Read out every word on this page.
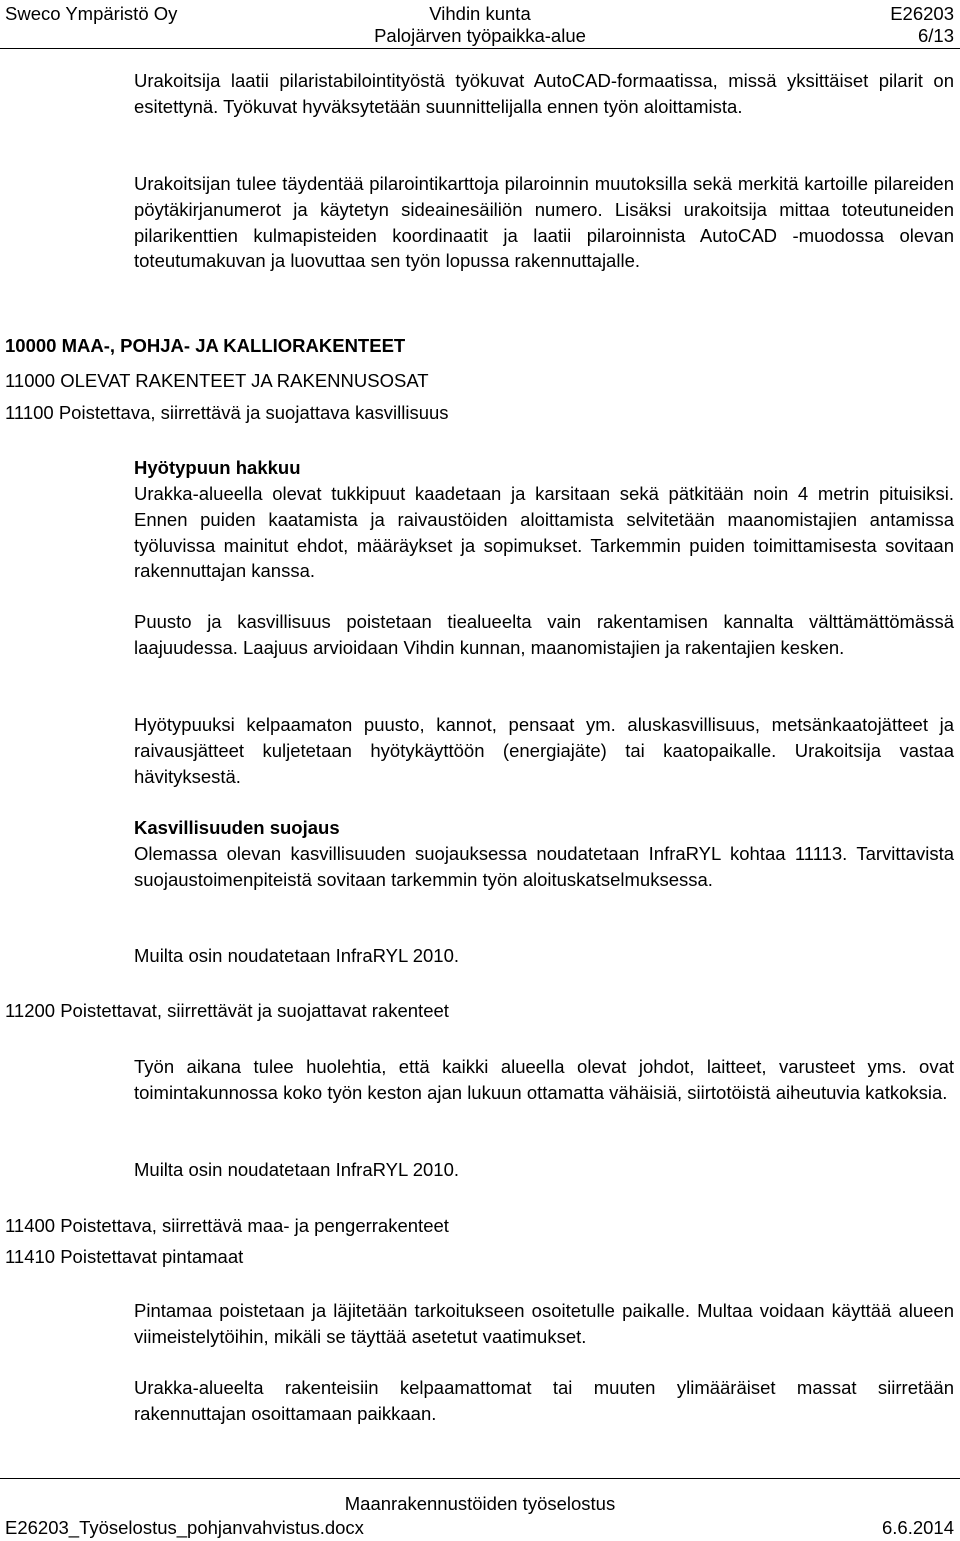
Sweco Ympäristö Oy	Vihdin kunta	E26203
Palojärven työpaikka-alue	6/13
Urakoitsija laatii pilaristabilointityöstä työkuvat AutoCAD-formaatissa, missä yksittäiset pilarit on esitettynä. Työkuvat hyväksytetään suunnittelijalla ennen työn aloittamista.
Urakoitsijan tulee täydentää pilarointikarttoja pilaroinnin muutoksilla sekä merkitä kartoille pilareiden pöytäkirjanumerot ja käytetyn sideainesäiliön numero. Lisäksi urakoitsija mittaa toteutuneiden pilarikenttien kulmapisteiden koordinaatit ja laatii pilaroinnista AutoCAD -muodossa olevan toteutumakuvan ja luovuttaa sen työn lopussa rakennuttajalle.
10000 MAA-, POHJA- JA KALLIORAKENTEET
11000 OLEVAT RAKENTEET JA RAKENNUSOSAT
11100 Poistettava, siirrettävä ja suojattava kasvillisuus
Hyötypuun hakkuu
Urakka-alueella olevat tukkipuut kaadetaan ja karsitaan sekä pätkitään noin 4 metrin pituisiksi. Ennen puiden kaatamista ja raivaustöiden aloittamista selvitetään maanomistajien antamissa työluvissa mainitut ehdot, määräykset ja sopimukset. Tarkemmin puiden toimittamisesta sovitaan rakennuttajan kanssa.
Puusto ja kasvillisuus poistetaan tiealueelta vain rakentamisen kannalta välttämättömässä laajuudessa. Laajuus arvioidaan Vihdin kunnan, maanomistajien ja rakentajien kesken.
Hyötypuuksi kelpaamaton puusto, kannot, pensaat ym. aluskasvillisuus, metsänkaatojätteet ja raivausjätteet kuljetetaan hyötykäyttöön (energiajäte) tai kaatopaikalle. Urakoitsija vastaa hävityksestä.
Kasvillisuuden suojaus
Olemassa olevan kasvillisuuden suojauksessa noudatetaan InfraRYL kohtaa 11113. Tarvittavista suojaustoimenpiteistä sovitaan tarkemmin työn aloituskatselmuksessa.
Muilta osin noudatetaan InfraRYL 2010.
11200 Poistettavat, siirrettävät ja suojattavat rakenteet
Työn aikana tulee huolehtia, että kaikki alueella olevat johdot, laitteet, varusteet yms. ovat toimintakunnossa koko työn keston ajan lukuun ottamatta vähäisiä, siirtotöistä aiheutuvia katkoksia.
Muilta osin noudatetaan InfraRYL 2010.
11400 Poistettava, siirrettävä maa- ja pengerrakenteet
11410 Poistettavat pintamaat
Pintamaa poistetaan ja läjitetään tarkoitukseen osoitetulle paikalle. Multaa voidaan käyttää alueen viimeistelytöihin, mikäli se täyttää asetetut vaatimukset.
Urakka-alueelta rakenteisiin kelpaamattomat tai muuten ylimääräiset massat siirretään rakennuttajan osoittamaan paikkaan.
Maanrakennustöiden työselostus
E26203_Työselostus_pohjanvahvistus.docx	6.6.2014
